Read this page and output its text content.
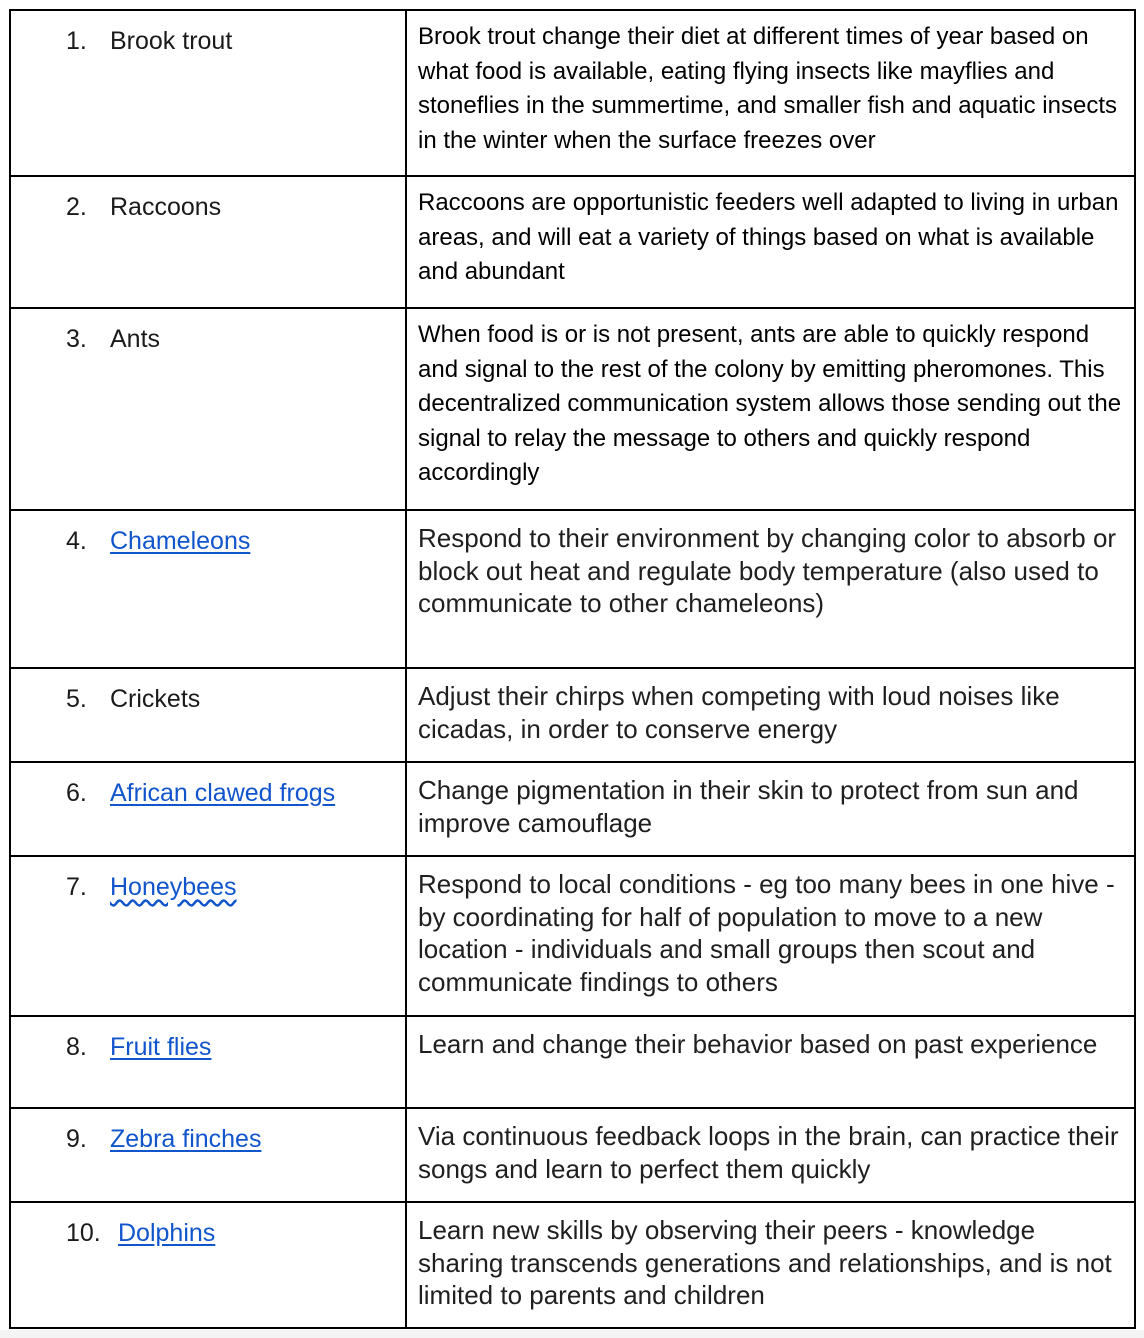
1. Brook trout	Brook trout change their diet at different times of year based on what food is available, eating flying insects like mayflies and stoneflies in the summertime, and smaller fish and aquatic insects in the winter when the surface freezes over

2. Raccoons	Raccoons are opportunistic feeders well adapted to living in urban areas, and will eat a variety of things based on what is available and abundant

3. Ants	When food is or is not present, ants are able to quickly respond and signal to the rest of the colony by emitting pheromones. This decentralized communication system allows those sending out the signal to relay the message to others and quickly respond accordingly

4. Chameleons	Respond to their environment by changing color to absorb or block out heat and regulate body temperature (also used to communicate to other chameleons)

5. Crickets	Adjust their chirps when competing with loud noises like cicadas, in order to conserve energy

6. African clawed frogs	Change pigmentation in their skin to protect from sun and improve camouflage

7. Honeybees	Respond to local conditions - eg too many bees in one hive - by coordinating for half of population to move to a new location - individuals and small groups then scout and communicate findings to others

8. Fruit flies	Learn and change their behavior based on past experience

9. Zebra finches	Via continuous feedback loops in the brain, can practice their songs and learn to perfect them quickly

10. Dolphins	Learn new skills by observing their peers - knowledge sharing transcends generations and relationships, and is not limited to parents and children
